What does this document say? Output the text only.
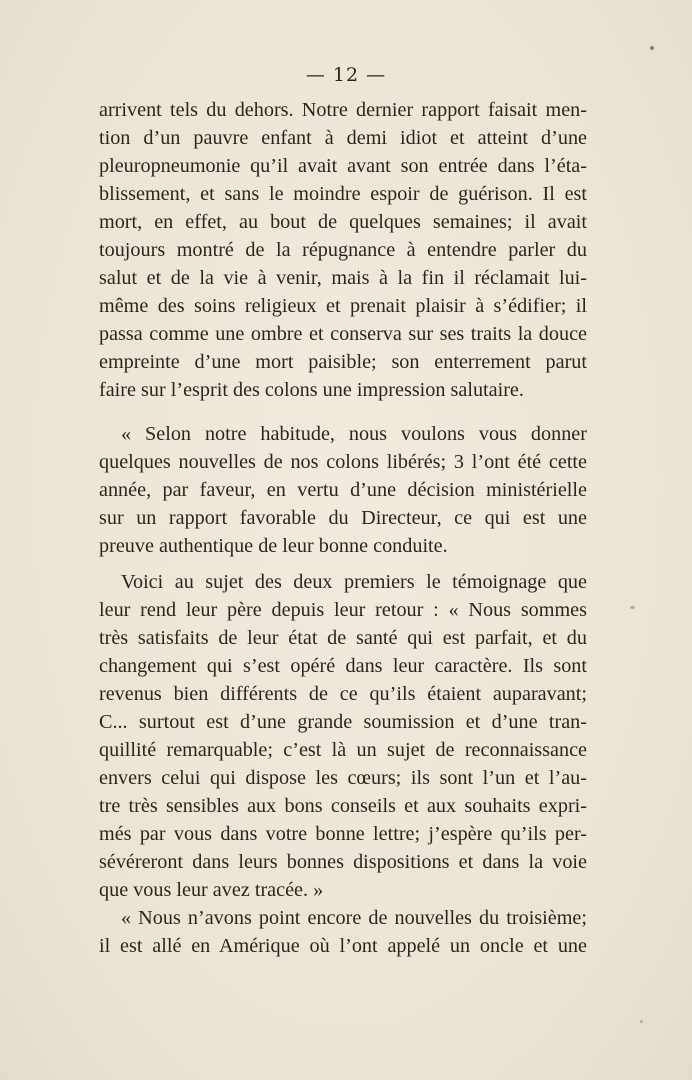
— 12 —
arrivent tels du dehors. Notre dernier rapport faisait men-
tion d’un pauvre enfant à demi idiot et atteint d’une
pleuropneumonie qu’il avait avant son entrée dans l’éta-
blissement, et sans le moindre espoir de guérison. Il est
mort, en effet, au bout de quelques semaines; il avait
toujours montré de la répugnance à entendre parler du
salut et de la vie à venir, mais à la fin il réclamait lui-
même des soins religieux et prenait plaisir à s’édifier; il
passa comme une ombre et conserva sur ses traits la douce
empreinte d’une mort paisible; son enterrement parut
faire sur l’esprit des colons une impression salutaire.
« Selon notre habitude, nous voulons vous donner
quelques nouvelles de nos colons libérés; 3 l’ont été cette
année, par faveur, en vertu d’une décision ministérielle
sur un rapport favorable du Directeur, ce qui est une
preuve authentique de leur bonne conduite.
Voici au sujet des deux premiers le témoignage que
leur rend leur père depuis leur retour : « Nous sommes
très satisfaits de leur état de santé qui est parfait, et du
changement qui s’est opéré dans leur caractère. Ils sont
revenus bien différents de ce qu’ils étaient auparavant;
C... surtout est d’une grande soumission et d’une tran-
quillité remarquable; c’est là un sujet de reconnaissance
envers celui qui dispose les cœurs; ils sont l’un et l’au-
tre très sensibles aux bons conseils et aux souhaits expri-
més par vous dans votre bonne lettre; j’espère qu’ils per-
sévéreront dans leurs bonnes dispositions et dans la voie
que vous leur avez tracée. »
« Nous n’avons point encore de nouvelles du troisième;
il est allé en Amérique où l’ont appelé un oncle et une
